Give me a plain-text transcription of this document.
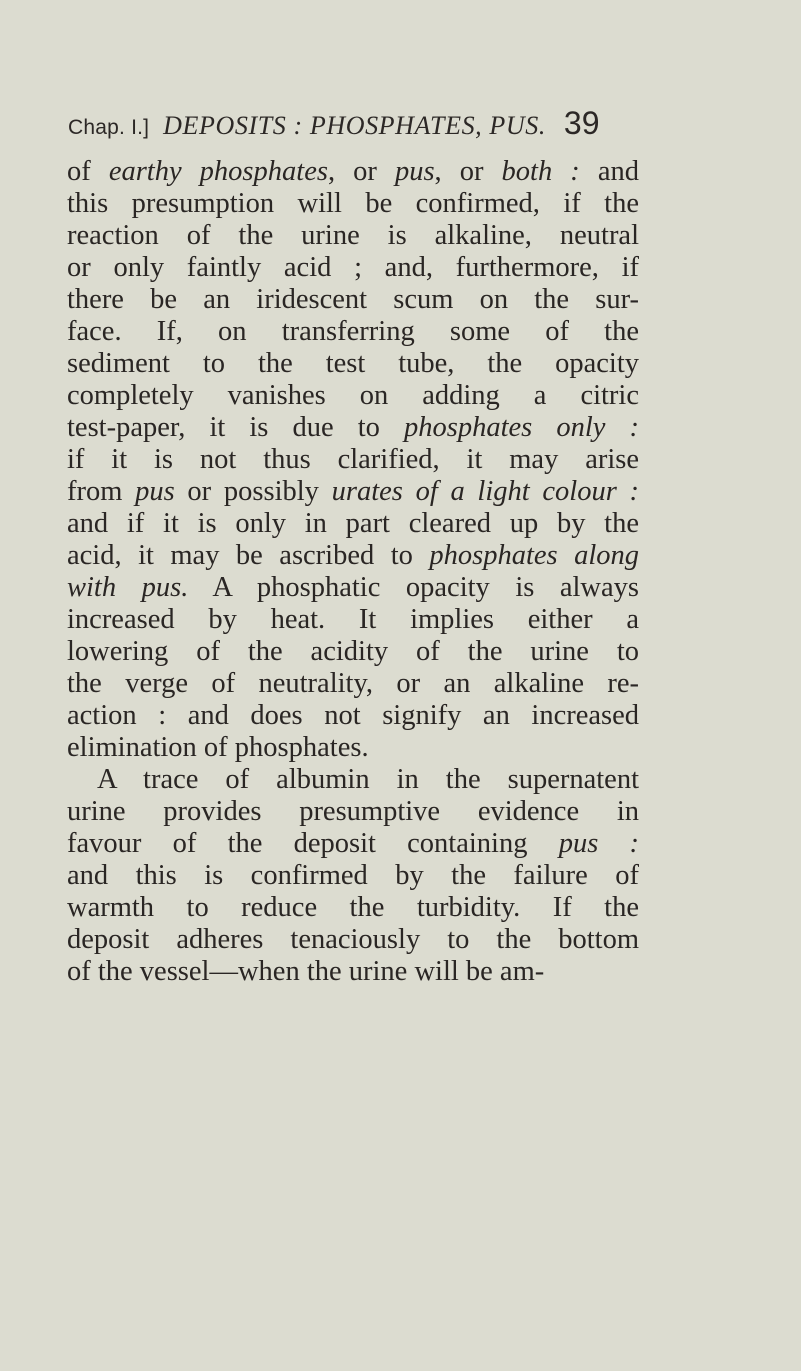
Chap. I.] DEPOSITS : PHOSPHATES, PUS. 39
of earthy phosphates, or pus, or both : and
this presumption will be confirmed, if the
reaction of the urine is alkaline, neutral
or only faintly acid ; and, furthermore, if
there be an iridescent scum on the sur-
face. If, on transferring some of the
sediment to the test tube, the opacity
completely vanishes on adding a citric
test-paper, it is due to phosphates only :
if it is not thus clarified, it may arise
from pus or possibly urates of a light colour :
and if it is only in part cleared up by the
acid, it may be ascribed to phosphates along
with pus. A phosphatic opacity is always
increased by heat. It implies either a
lowering of the acidity of the urine to
the verge of neutrality, or an alkaline re-
action : and does not signify an increased
elimination of phosphates.
A trace of albumin in the supernatent
urine provides presumptive evidence in
favour of the deposit containing pus :
and this is confirmed by the failure of
warmth to reduce the turbidity. If the
deposit adheres tenaciously to the bottom
of the vessel—when the urine will be am-
